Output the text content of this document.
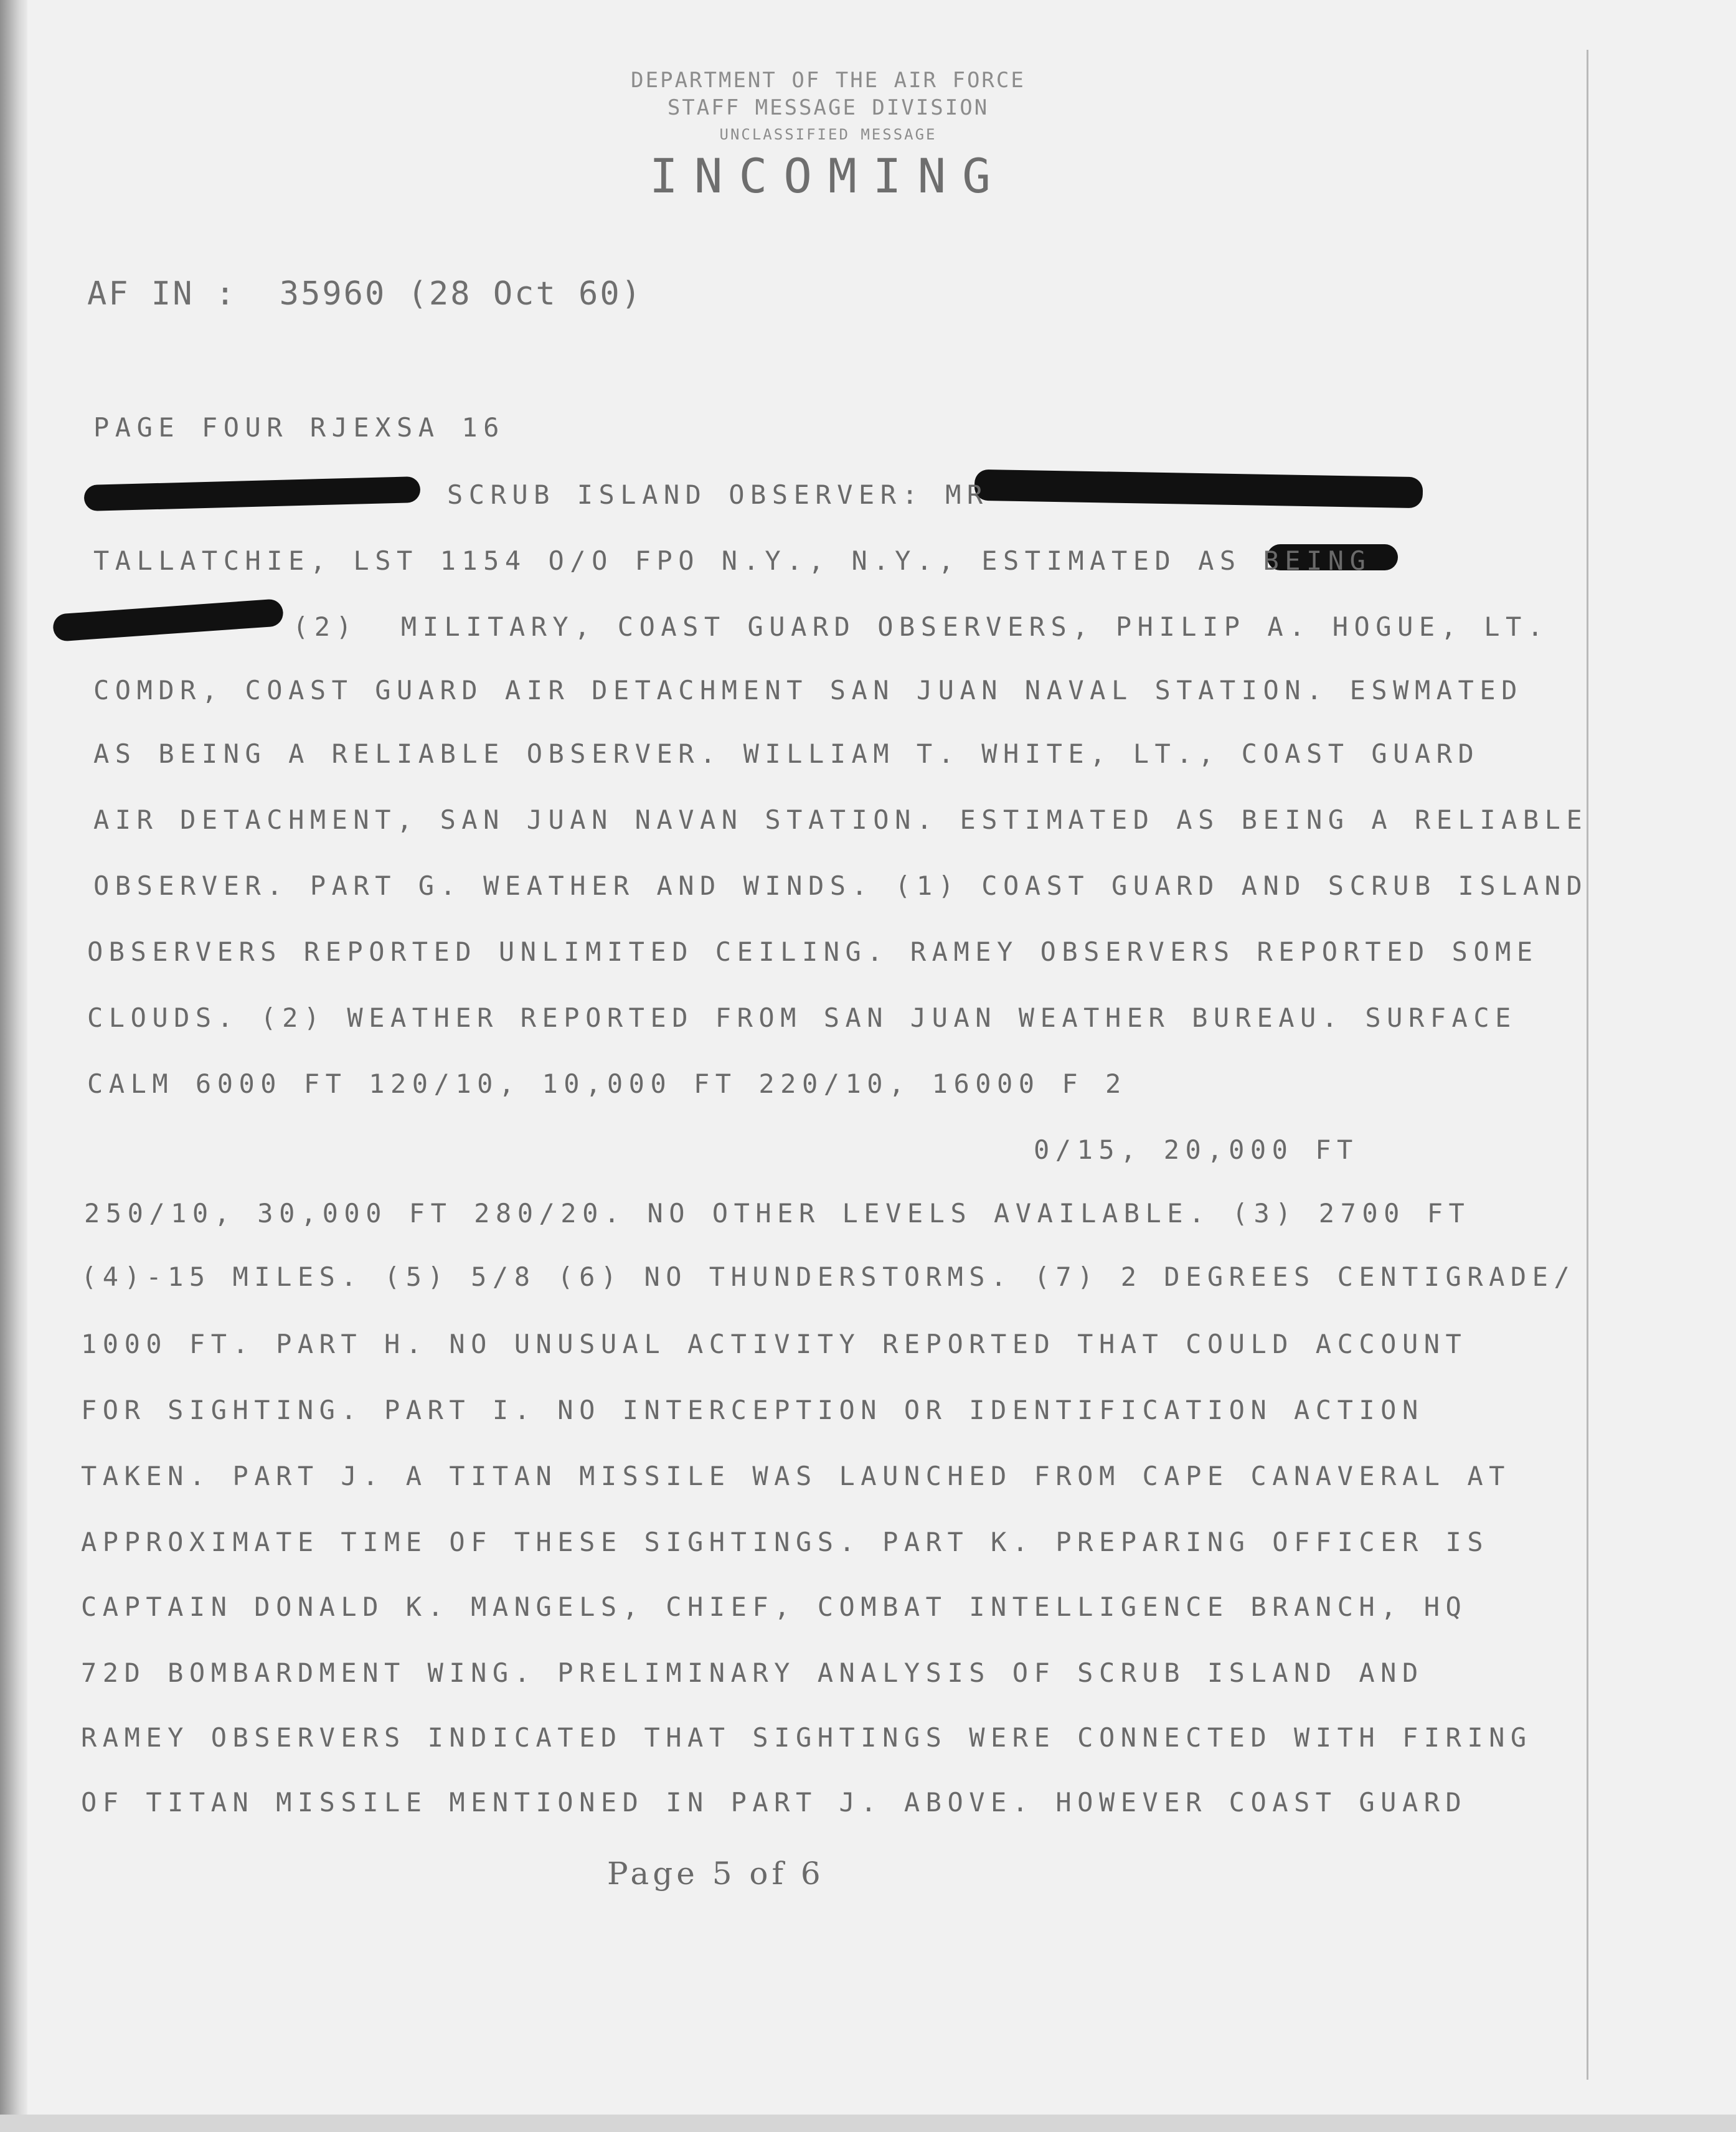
DEPARTMENT OF THE AIR FORCE
STAFF MESSAGE DIVISION
UNCLASSIFIED MESSAGE
INCOMING
AF IN :  35960 (28 Oct 60)
PAGE FOUR RJEXSA 16
SCRUB ISLAND OBSERVER: MR
TALLATCHIE, LST 1154 O/O FPO N.Y., N.Y., ESTIMATED AS BEING
(2)  MILITARY, COAST GUARD OBSERVERS, PHILIP A. HOGUE, LT.
COMDR, COAST GUARD AIR DETACHMENT SAN JUAN NAVAL STATION. ESWMATED
AS BEING A RELIABLE OBSERVER. WILLIAM T. WHITE, LT., COAST GUARD
AIR DETACHMENT, SAN JUAN NAVAN STATION. ESTIMATED AS BEING A RELIABLE
OBSERVER. PART G. WEATHER AND WINDS. (1) COAST GUARD AND SCRUB ISLAND
OBSERVERS REPORTED UNLIMITED CEILING. RAMEY OBSERVERS REPORTED SOME
CLOUDS. (2) WEATHER REPORTED FROM SAN JUAN WEATHER BUREAU. SURFACE
CALM 6000 FT 120/10, 10,000 FT 220/10, 16000 F 2
0/15, 20,000 FT
250/10, 30,000 FT 280/20. NO OTHER LEVELS AVAILABLE. (3) 2700 FT
(4)-15 MILES. (5) 5/8 (6) NO THUNDERSTORMS. (7) 2 DEGREES CENTIGRADE/
1000 FT. PART H. NO UNUSUAL ACTIVITY REPORTED THAT COULD ACCOUNT
FOR SIGHTING. PART I. NO INTERCEPTION OR IDENTIFICATION ACTION
TAKEN. PART J. A TITAN MISSILE WAS LAUNCHED FROM CAPE CANAVERAL AT
APPROXIMATE TIME OF THESE SIGHTINGS. PART K. PREPARING OFFICER IS
CAPTAIN DONALD K. MANGELS, CHIEF, COMBAT INTELLIGENCE BRANCH, HQ
72D BOMBARDMENT WING. PRELIMINARY ANALYSIS OF SCRUB ISLAND AND
RAMEY OBSERVERS INDICATED THAT SIGHTINGS WERE CONNECTED WITH FIRING
OF TITAN MISSILE MENTIONED IN PART J. ABOVE. HOWEVER COAST GUARD
Page 5 of 6
